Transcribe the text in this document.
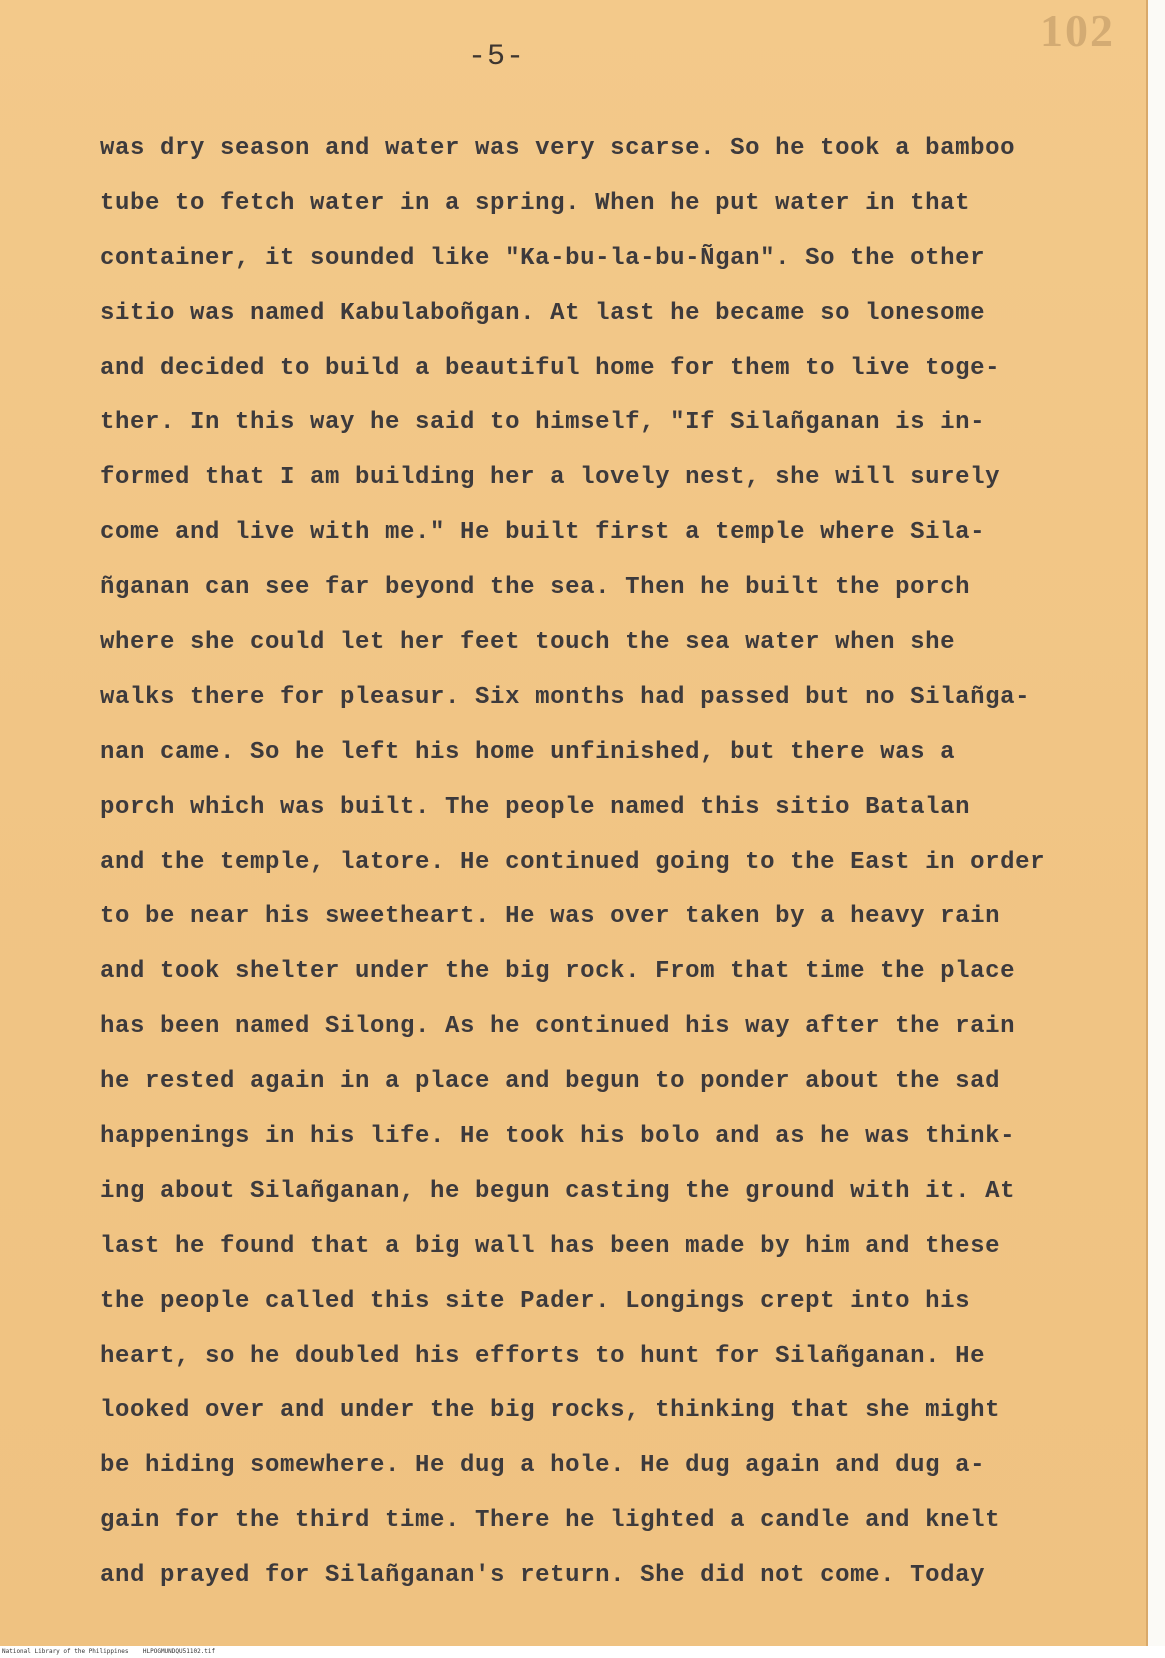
102
-5-
was dry season and water was very scarse. So he took a bamboo
tube to fetch water in a spring. When he put water in that
container, it sounded like "Ka-bu-la-bu-Ñgan". So the other
sitio was named Kabulaboñgan. At last he became so lonesome
and decided to build a beautiful home for them to live toge-
ther. In this way he said to himself, "If Silañganan is in-
formed that I am building her a lovely nest, she will surely
come and live with me." He built first a temple where Sila-
ñganan can see far beyond the sea. Then he built the porch
where she could let her feet touch the sea water when she
walks there for pleasur. Six months had passed but no Silañga-
nan came. So he left his home unfinished, but there was a
porch which was built. The people named this sitio Batalan
and the temple, latore. He continued going to the East in order
to be near his sweetheart. He was over taken by a heavy rain
and took shelter under the big rock. From that time the place
has been named Silong. As he continued his way after the rain
he rested again in a place and begun to ponder about the sad
happenings in his life. He took his bolo and as he was think-
ing about Silañganan, he begun casting the ground with it. At
last he found that a big wall has been made by him and these
the people called this site Pader. Longings crept into his
heart, so he doubled his efforts to hunt for Silañganan. He
looked over and under the big rocks, thinking that she might
be hiding somewhere. He dug a hole. He dug again and dug a-
gain for the third time. There he lighted a candle and knelt
and prayed for Silañganan's return. She did not come. Today
National Library of the Philippines    HLPOGMUNDQU51102.tif
